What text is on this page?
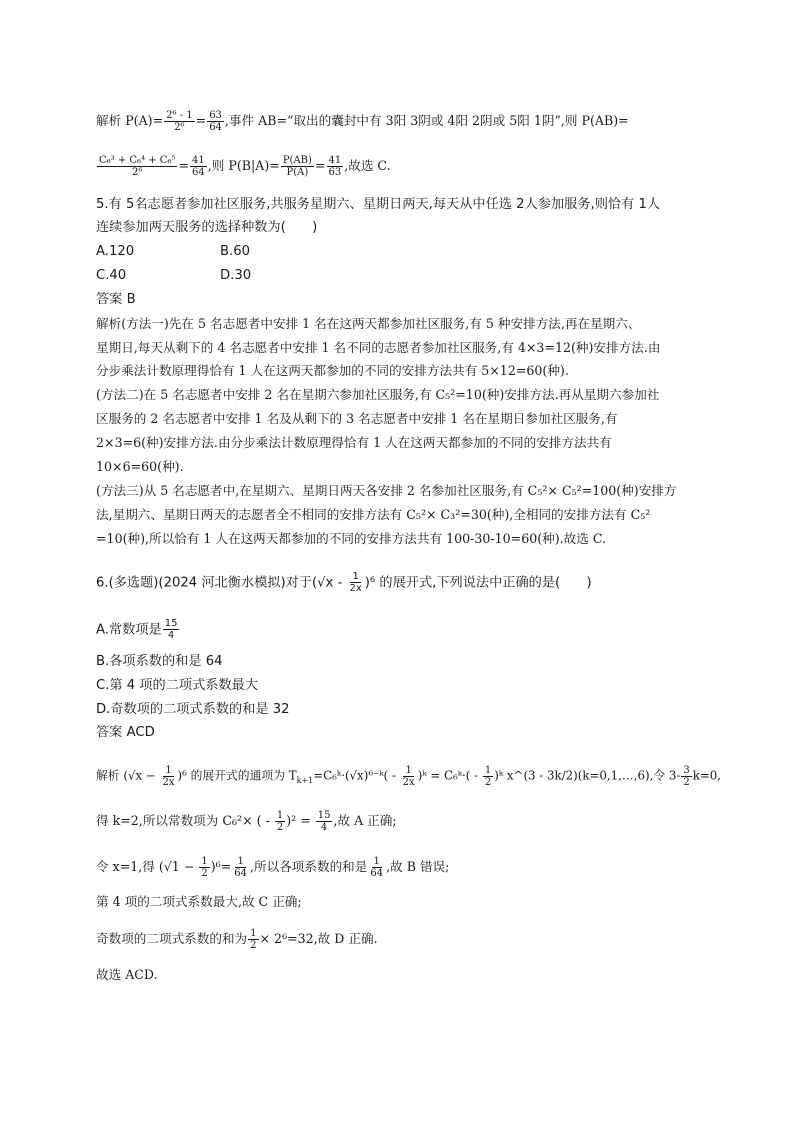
解析 $P(A)= \frac{\text{2⁶ - 1}}{\text{2⁶}} = \frac{63}{64}$ ,事件 AB=“取出的囊封中有 3阳 3阴或 4阳 2阴或 5阳 1阴”,则 P(AB)=
$\frac{\text{C₆³ + C₆⁴ + C₆⁵}}{\text{2⁶}} = \frac{41}{64}$ ,则 $P(B|A)= \frac{P(AB)}{P(A)} = \frac{41}{63}$ ,故选 C.
5.有 5名志愿者参加社区服务,共服务星期六、星期日两天,每天从中任选 2人参加服务,则恰有 1人
连续参加两天服务的选择种数为(　　)
A.120	B.60
C.40	D.30
答案 B
解析(方法一)先在 5 名志愿者中安排 1 名在这两天都参加社区服务,有 5 种安排方法,再在星期六、
星期日,每天从剩下的 4 名志愿者中安排 1 名不同的志愿者参加社区服务,有 4×3=12(种)安排方法.由
分步乘法计数原理得恰有 1 人在这两天都参加的不同的安排方法共有 5×12=60(种).
(方法二)在 5 名志愿者中安排 2 名在星期六参加社区服务,有 C₅²=10(种)安排方法.再从星期六参加社
区服务的 2 名志愿者中安排 1 名及从剩下的 3 名志愿者中安排 1 名在星期日参加社区服务,有
2×3=6(种)安排方法.由分步乘法计数原理得恰有 1 人在这两天都参加的不同的安排方法共有
10×6=60(种).
(方法三)从 5 名志愿者中,在星期六、星期日两天各安排 2 名参加社区服务,有 C₅²× C₅²=100(种)安排方
法,星期六、星期日两天的志愿者全不相同的安排方法有 C₅²× C₃²=30(种),全相同的安排方法有 C₅²
=10(种),所以恰有 1 人在这两天都参加的不同的安排方法共有 100-30-10=60(种).故选 C.
6.(多选题)(2024 河北衡水模拟)对于$(√x - \frac{1}{2x} )^6$ 的展开式,下列说法中正确的是(　　)
A.常数项是 $\frac{15}{4}$
B.各项系数的和是 64
C.第 4 项的二项式系数最大
D.奇数项的二项式系数的和是 32
答案 ACD
解析 $(√x - \frac{1}{2x} )^6$ 的展开式的通项为 $T_{k+1}=C_6ᵏ\cdot(√x)^{6-}ᵏ( - \frac{1}{2x}$ )ᵏ = C₆ᵏ·( - $\frac{1}{2}$ )ᵏ x^(3 - 3k/2)(k=0,1,…,6),令 $3- \frac{3}{2} k=0$,
得 k=2,所以常数项为 C₆²× ( - $\frac{1}{2} )^2 = \frac{15}{4}$ ,故 A 正确;
令 x=1,得 $(√1 - \frac{1}{2} )^6= \frac{1}{64}$ ,所以各项系数的和是 $\frac{1}{64}$ ,故 B 错误;
第 4 项的二项式系数最大,故 C 正确;
奇数项的二项式系数的和为 $\frac{1}{2} \times 2^6=32$,故 D 正确.
故选 ACD.
